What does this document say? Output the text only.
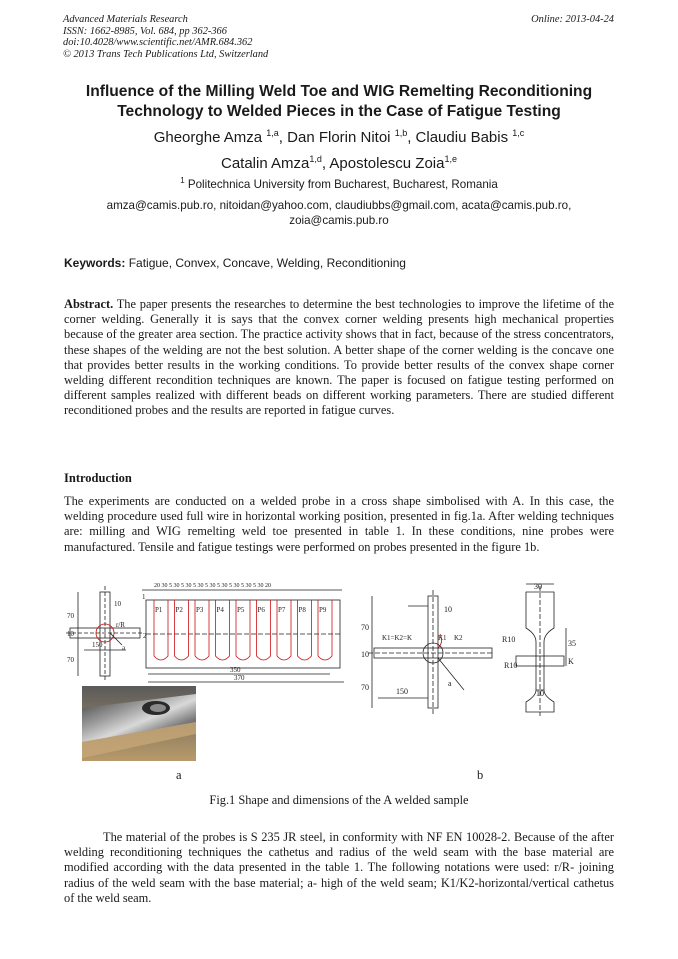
Advanced Materials Research
ISSN: 1662-8985, Vol. 684, pp 362-366
doi:10.4028/www.scientific.net/AMR.684.362
© 2013 Trans Tech Publications Ltd, Switzerland
Online: 2013-04-24
Influence of the Milling Weld Toe and WIG Remelting Reconditioning
Technology to Welded Pieces in the Case of Fatigue Testing
Gheorghe Amza $^{1,a}$, Dan Florin Nitoi $^{1,b}$, Claudiu Babis $^{1,c}$
Catalin Amza$^{1,d}$, Apostolescu Zoia$^{1,e}$
$^1$ Politechnica University from Bucharest, Bucharest, Romania
amza@camis.pub.ro, nitoidan@yahoo.com, claudiubbs@gmail.com, acata@camis.pub.ro,
zoia@camis.pub.ro
Keywords: Fatigue, Convex, Concave, Welding, Reconditioning
Abstract. The paper presents the researches to determine the best technologies to improve the lifetime of the corner welding. Generally it is says that the convex corner welding presents high mechanical properties because of the greater area section. The practice activity shows that in fact, because of the stress concentrators, these shapes of the welding are not the best solution. A better shape of the corner welding is the concave one that provides better results in the working conditions. To provide better results of the convex shape corner welding different recondition techniques are known. The paper is focused on fatigue testing performed on different samples realized with different beads on different working parameters. There are studied different reconditioned probes and the results are reported in fatigue curves.
Introduction
The experiments are conducted on a welded probe in a cross shape simbolised with A. In this case, the welding procedure used full wire in horizontal working position, presented in fig.1a. After welding techniques are: milling and WIG remelting weld toe presented in table 1. In these conditions, nine probes were manufactured. Tensile and fatigue testings were performed on probes presented in the figure 1b.
P1 P2 P3 P4 P5 P6 P7 P8 P9
70
10
70
150
r/R
10
a
20 30 5 30 5 30 5 30 5 30 5 30 5 30 5 30 5 30 20
1
2
350
370
70
10
70	150
10
K1=K2=K	K1 K2
a
30
R10
R10
35
K
10
a	b
Fig.1 Shape and dimensions of the A welded sample
The material of the probes is S 235 JR steel, in conformity with NF EN 10028-2. Because of the after welding reconditioning techniques the cathetus and radius of the weld seam with the base material are modified according with the data presented in the table 1. The following notations were used: r/R- joining radius of the weld seam with the base material; a- high of the weld seam; K1/K2-horizontal/vertical cathetus of the weld seam.
